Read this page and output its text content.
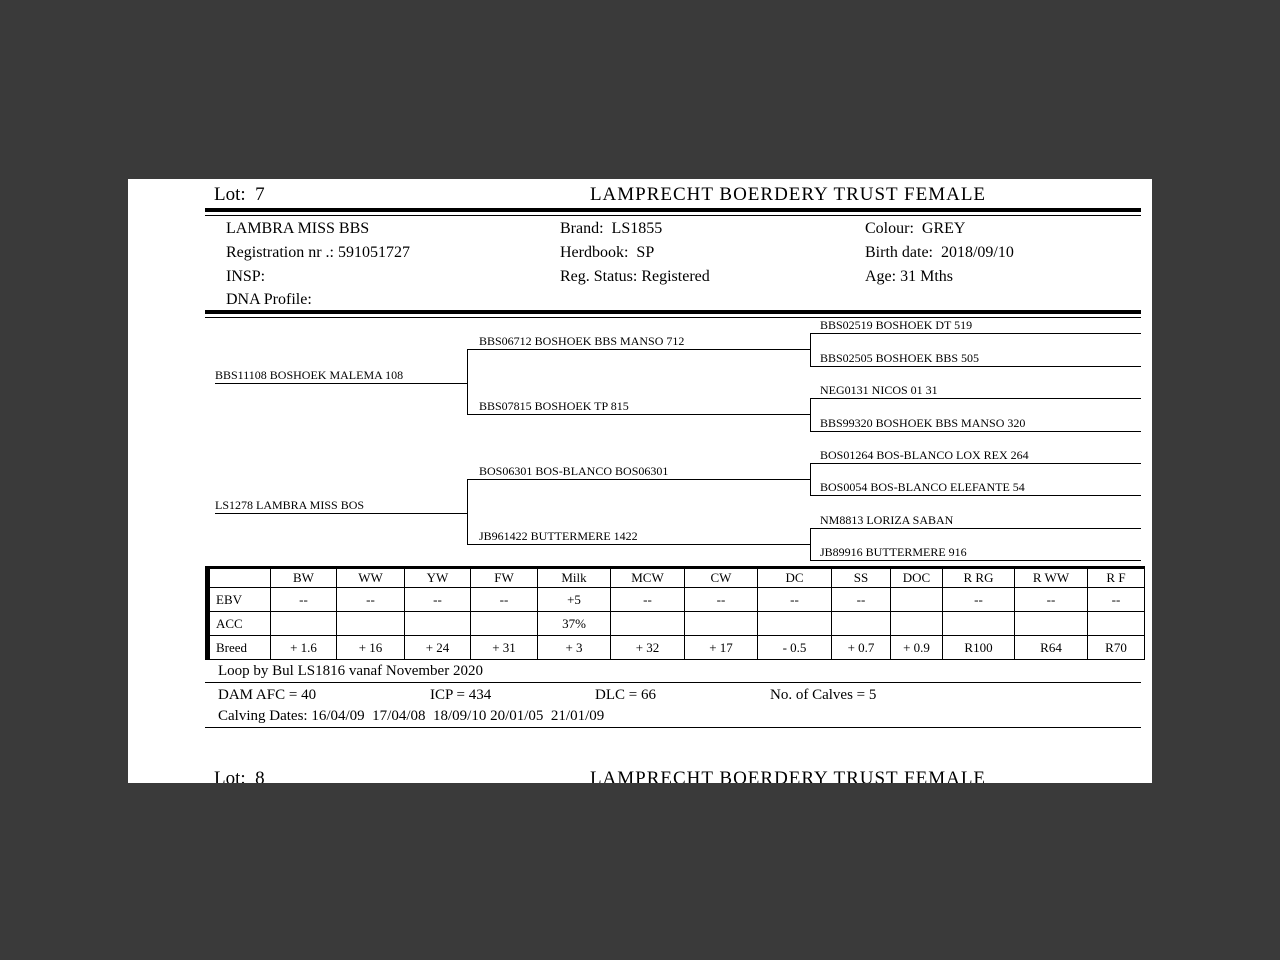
Lot:  7	LAMPRECHT BOERDERY TRUST FEMALE
LAMBRA MISS BBS
Registration nr .: 591051727
INSP:
DNA Profile:
Brand:  LS1855
Herdbook:  SP
Reg. Status: Registered
Colour:  GREY
Birth date:  2018/09/10
Age: 31 Mths
BBS11108 BOSHOEK MALEMA 108
LS1278 LAMBRA MISS BOS
BBS06712 BOSHOEK BBS MANSO 712
BBS07815 BOSHOEK TP 815
BOS06301 BOS-BLANCO BOS06301
JB961422 BUTTERMERE 1422
BBS02519 BOSHOEK DT 519
BBS02505 BOSHOEK BBS 505
NEG0131 NICOS 01 31
BBS99320 BOSHOEK BBS MANSO 320
BOS01264 BOS-BLANCO LOX REX 264
BOS0054 BOS-BLANCO ELEFANTE 54
NM8813 LORIZA SABAN
JB89916 BUTTERMERE 916
	BW	WW	YW	FW	Milk	MCW	CW	DC	SS	DOC	R RG	R WW	R F
EBV	--	--	--	--	+5	--	--	--	--		--	--	--
ACC					37%								
Breed	+ 1.6	+ 16	+ 24	+ 31	+ 3	+ 32	+ 17	- 0.5	+ 0.7	+ 0.9	R100	R64	R70
Loop by Bul LS1816 vanaf November 2020
DAM AFC = 40	ICP = 434	DLC = 66	No. of Calves = 5
Calving Dates: 16/04/09  17/04/08  18/09/10 20/01/05  21/01/09
Lot:  8	LAMPRECHT BOERDERY TRUST FEMALE
